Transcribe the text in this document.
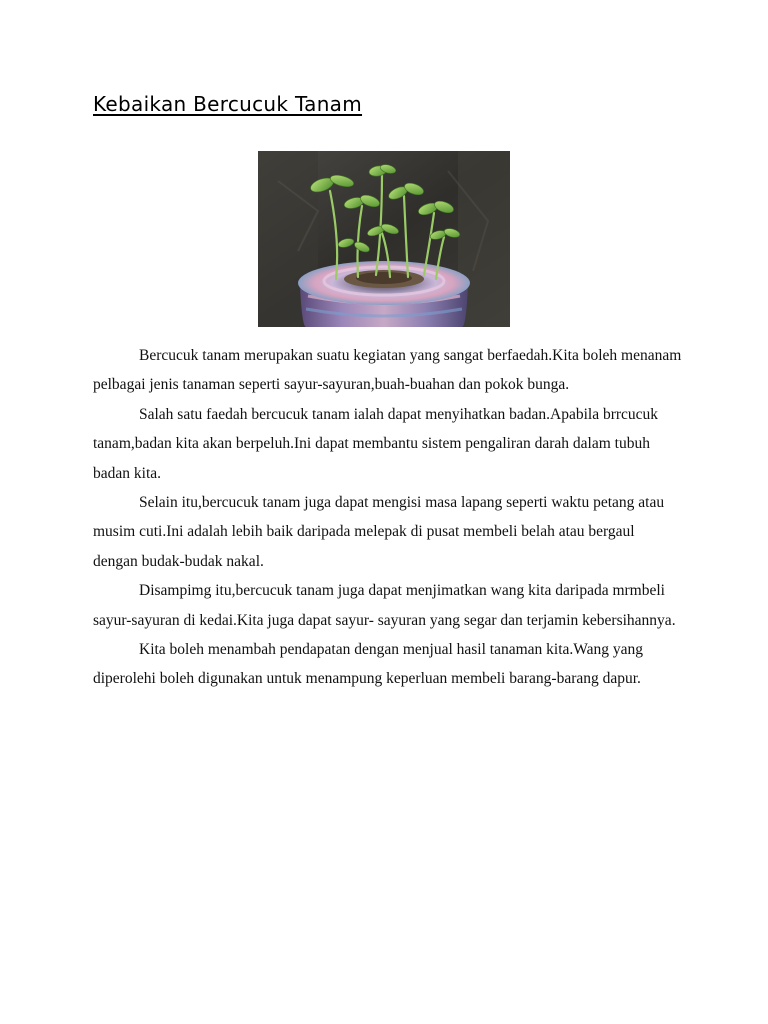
Kebaikan Bercucuk Tanam

Bercucuk tanam merupakan suatu kegiatan yang sangat berfaedah.Kita boleh menanam pelbagai jenis tanaman seperti sayur-sayuran,buah-buahan dan pokok bunga.

Salah satu faedah bercucuk tanam ialah dapat menyihatkan badan.Apabila brrcucuk tanam,badan kita akan berpeluh.Ini dapat membantu sistem pengaliran darah dalam tubuh badan kita.

Selain itu,bercucuk tanam juga dapat mengisi masa lapang seperti waktu petang atau musim cuti.Ini adalah lebih baik daripada melepak di pusat membeli belah atau bergaul dengan budak-budak nakal.

Disampimg itu,bercucuk tanam juga dapat menjimatkan wang kita daripada mrmbeli sayur-sayuran di kedai.Kita juga dapat sayur- sayuran yang segar dan terjamin kebersihannya.

Kita boleh menambah pendapatan dengan menjual hasil tanaman kita.Wang yang diperolehi boleh digunakan untuk menampung keperluan membeli barang-barang dapur.
